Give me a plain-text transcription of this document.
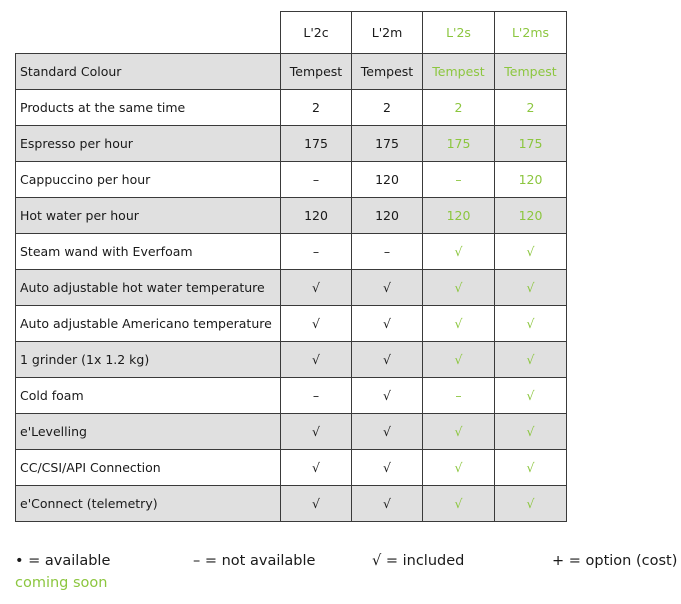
	L'2c	L'2m	L'2s	L'2ms
Standard Colour	Tempest	Tempest	Tempest	Tempest
Products at the same time	2	2	2	2
Espresso per hour	175	175	175	175
Cappuccino per hour	–	120	–	120
Hot water per hour	120	120	120	120
Steam wand with Everfoam	–	–	√	√
Auto adjustable hot water temperature	√	√	√	√
Auto adjustable Americano temperature	√	√	√	√
1 grinder (1x 1.2 kg)	√	√	√	√
Cold foam	–	√	–	√
e'Levelling	√	√	√	√
CC/CSI/API Connection	√	√	√	√
e'Connect (telemetry)	√	√	√	√
• = available	– = not available	√ = included	+ = option (cost)
coming soon
